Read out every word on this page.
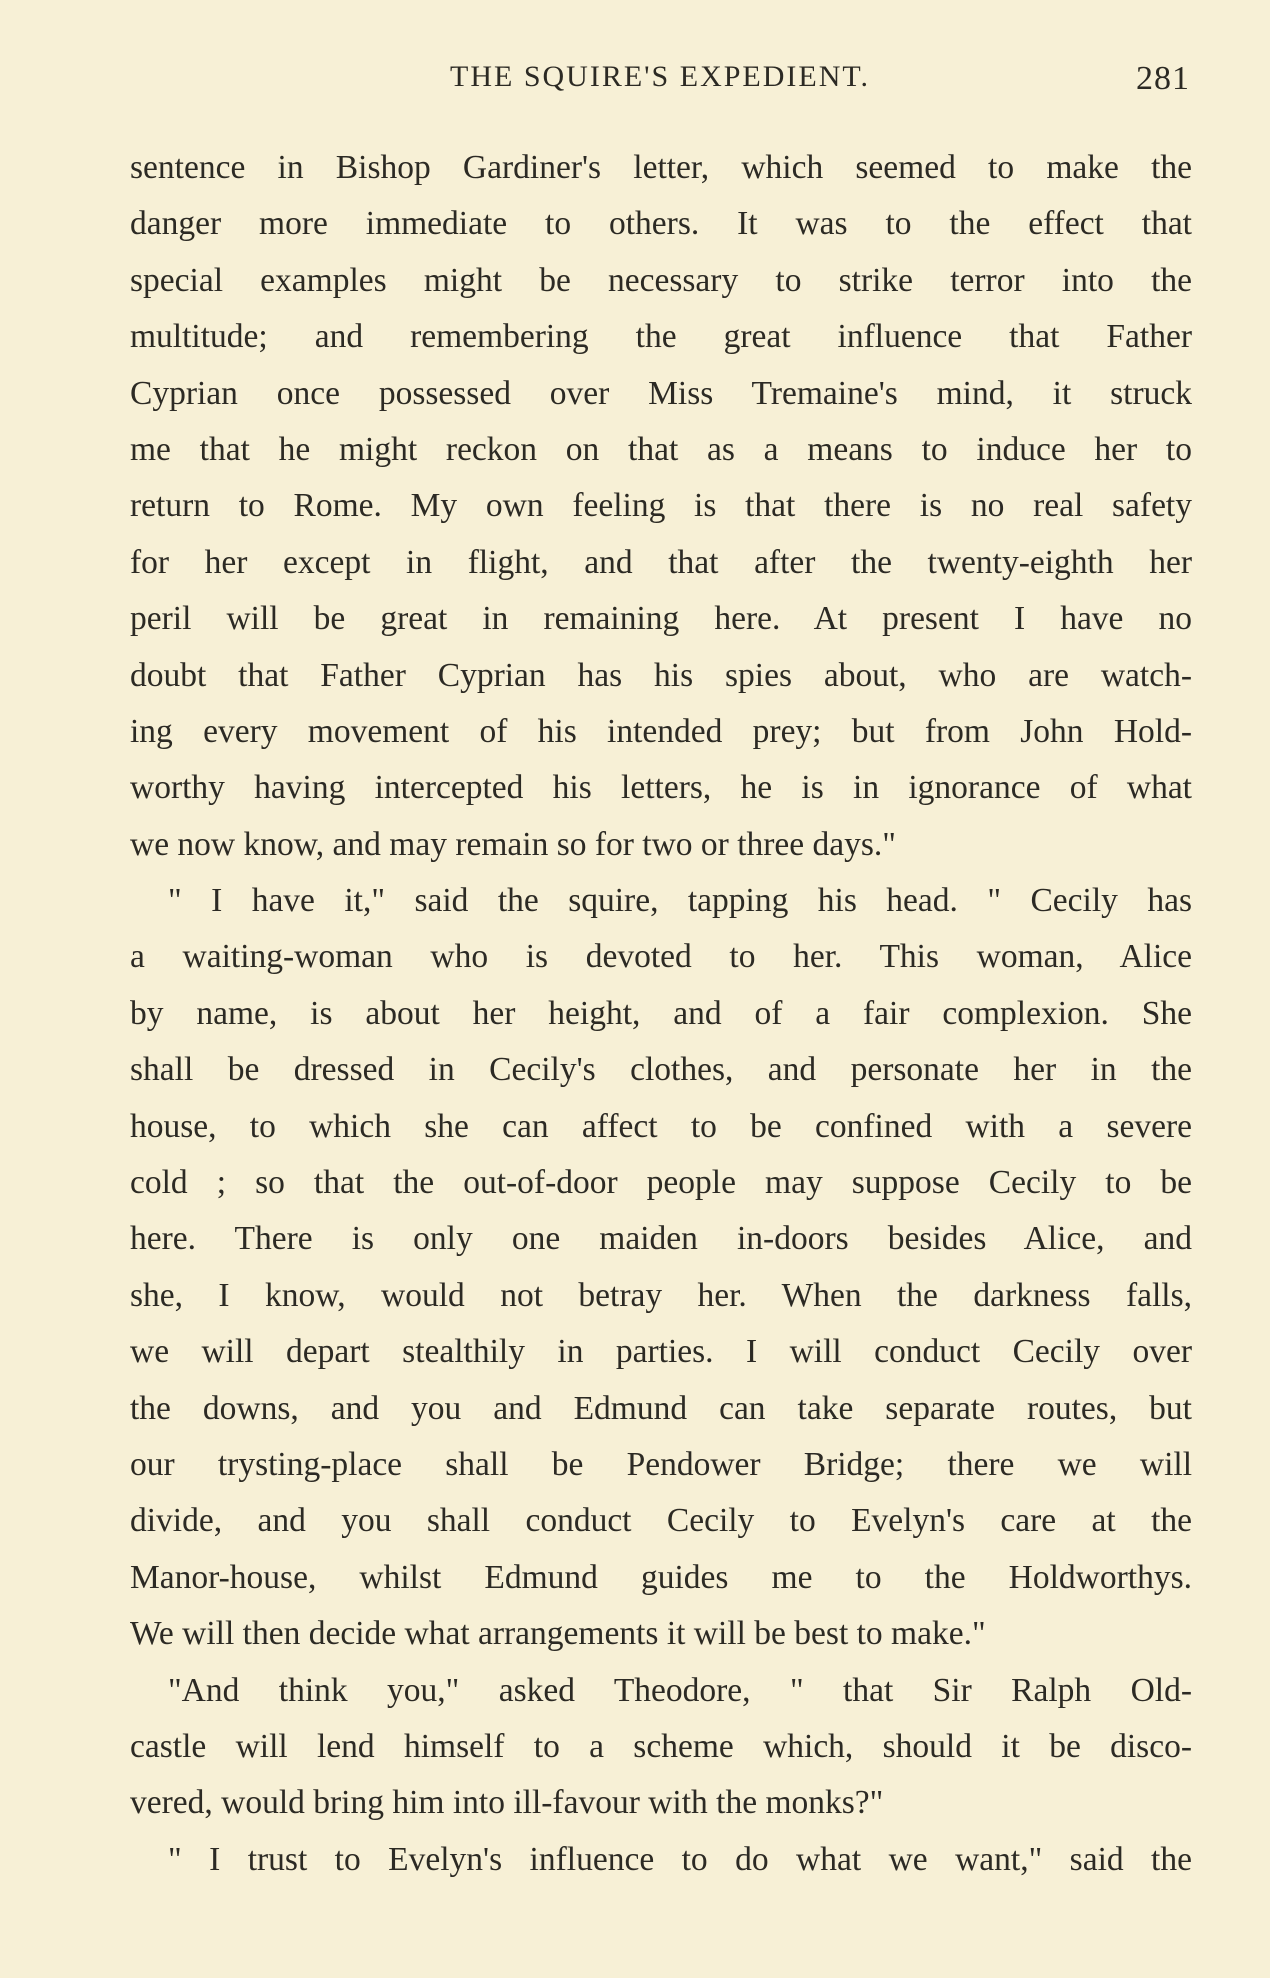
THE SQUIRE'S EXPEDIENT.	281
sentence in Bishop Gardiner's letter, which seemed to make the
danger more immediate to others. It was to the effect that
special examples might be necessary to strike terror into the
multitude; and remembering the great influence that Father
Cyprian once possessed over Miss Tremaine's mind, it struck
me that he might reckon on that as a means to induce her to
return to Rome. My own feeling is that there is no real safety
for her except in flight, and that after the twenty-eighth her
peril will be great in remaining here. At present I have no
doubt that Father Cyprian has his spies about, who are watch-
ing every movement of his intended prey; but from John Hold-
worthy having intercepted his letters, he is in ignorance of what
we now know, and may remain so for two or three days."
" I have it," said the squire, tapping his head. " Cecily has
a waiting-woman who is devoted to her. This woman, Alice
by name, is about her height, and of a fair complexion. She
shall be dressed in Cecily's clothes, and personate her in the
house, to which she can affect to be confined with a severe
cold ; so that the out-of-door people may suppose Cecily to be
here. There is only one maiden in-doors besides Alice, and
she, I know, would not betray her. When the darkness falls,
we will depart stealthily in parties. I will conduct Cecily over
the downs, and you and Edmund can take separate routes, but
our trysting-place shall be Pendower Bridge; there we will
divide, and you shall conduct Cecily to Evelyn's care at the
Manor-house, whilst Edmund guides me to the Holdworthys.
We will then decide what arrangements it will be best to make."
"And think you," asked Theodore, " that Sir Ralph Old-
castle will lend himself to a scheme which, should it be disco-
vered, would bring him into ill-favour with the monks?"
" I trust to Evelyn's influence to do what we want," said the
